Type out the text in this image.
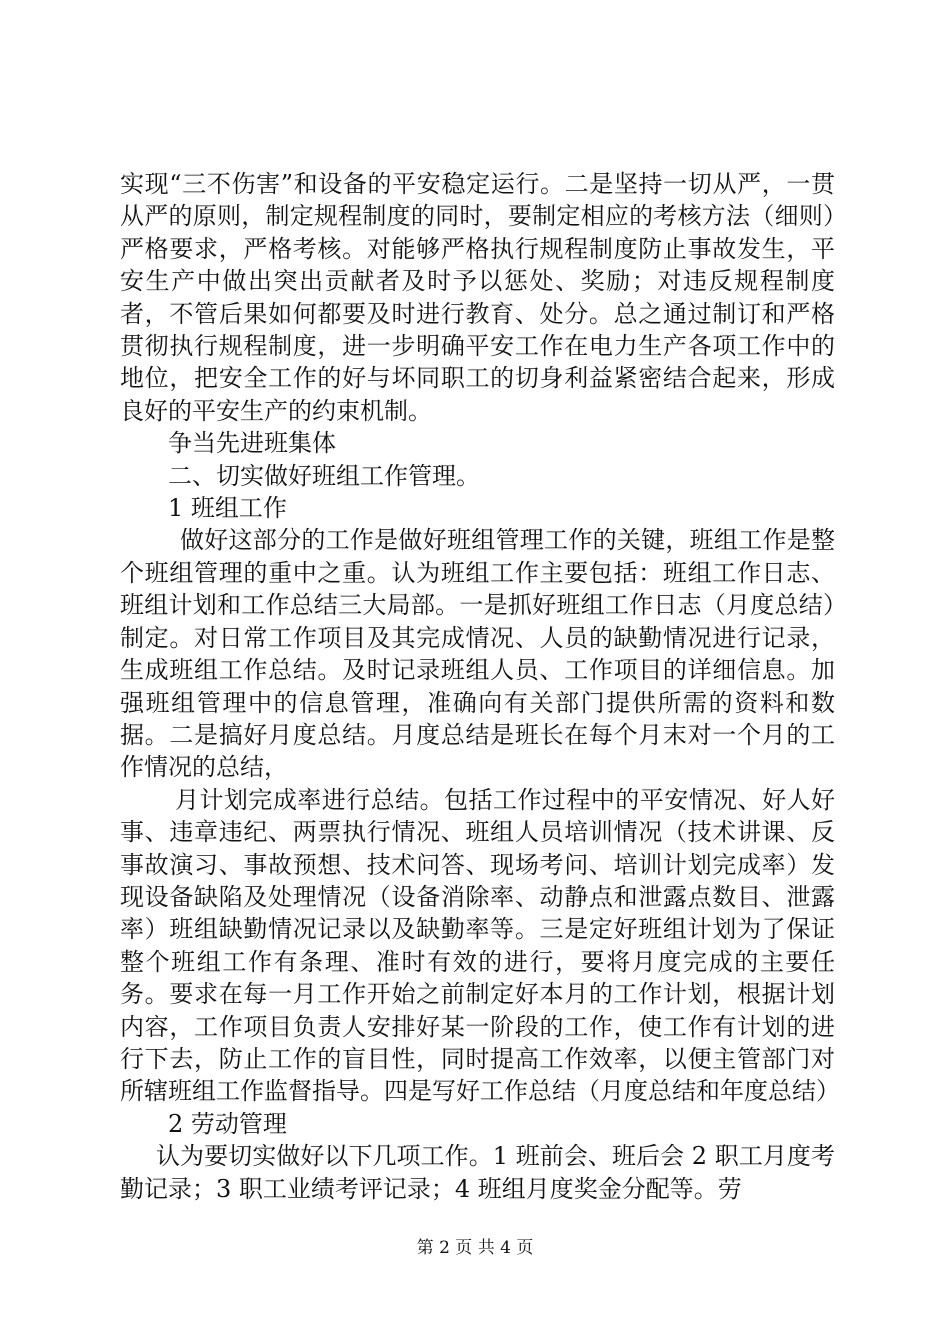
实现“三不伤害”和设备的平安稳定运行。二是坚持一切从严，一贯从严的原则，制定规程制度的同时，要制定相应的考核方法（细则）严格要求，严格考核。对能够严格执行规程制度防止事故发生，平安生产中做出突出贡献者及时予以惩处、奖励；对违反规程制度者，不管后果如何都要及时进行教育、处分。总之通过制订和严格贯彻执行规程制度，进一步明确平安工作在电力生产各项工作中的地位，把安全工作的好与坏同职工的切身利益紧密结合起来，形成良好的平安生产的约束机制。

争当先进班集体

二、切实做好班组工作管理。

1 班组工作

做好这部分的工作是做好班组管理工作的关键，班组工作是整个班组管理的重中之重。认为班组工作主要包括：班组工作日志、班组计划和工作总结三大局部。一是抓好班组工作日志（月度总结）制定。对日常工作项目及其完成情况、人员的缺勤情况进行记录，生成班组工作总结。及时记录班组人员、工作项目的详细信息。加强班组管理中的信息管理，准确向有关部门提供所需的资料和数据。二是搞好月度总结。月度总结是班长在每个月末对一个月的工作情况的总结，

月计划完成率进行总结。包括工作过程中的平安情况、好人好事、违章违纪、两票执行情况、班组人员培训情况（技术讲课、反事故演习、事故预想、技术问答、现场考问、培训计划完成率）发现设备缺陷及处理情况（设备消除率、动静点和泄露点数目、泄露率）班组缺勤情况记录以及缺勤率等。三是定好班组计划为了保证整个班组工作有条理、准时有效的进行，要将月度完成的主要任务。要求在每一月工作开始之前制定好本月的工作计划，根据计划内容，工作项目负责人安排好某一阶段的工作，使工作有计划的进行下去，防止工作的盲目性，同时提高工作效率，以便主管部门对所辖班组工作监督指导。四是写好工作总结（月度总结和年度总结）

2 劳动管理

认为要切实做好以下几项工作。1 班前会、班后会 2 职工月度考勤记录；3 职工业绩考评记录；4 班组月度奖金分配等。劳

第 2 页 共 4 页
